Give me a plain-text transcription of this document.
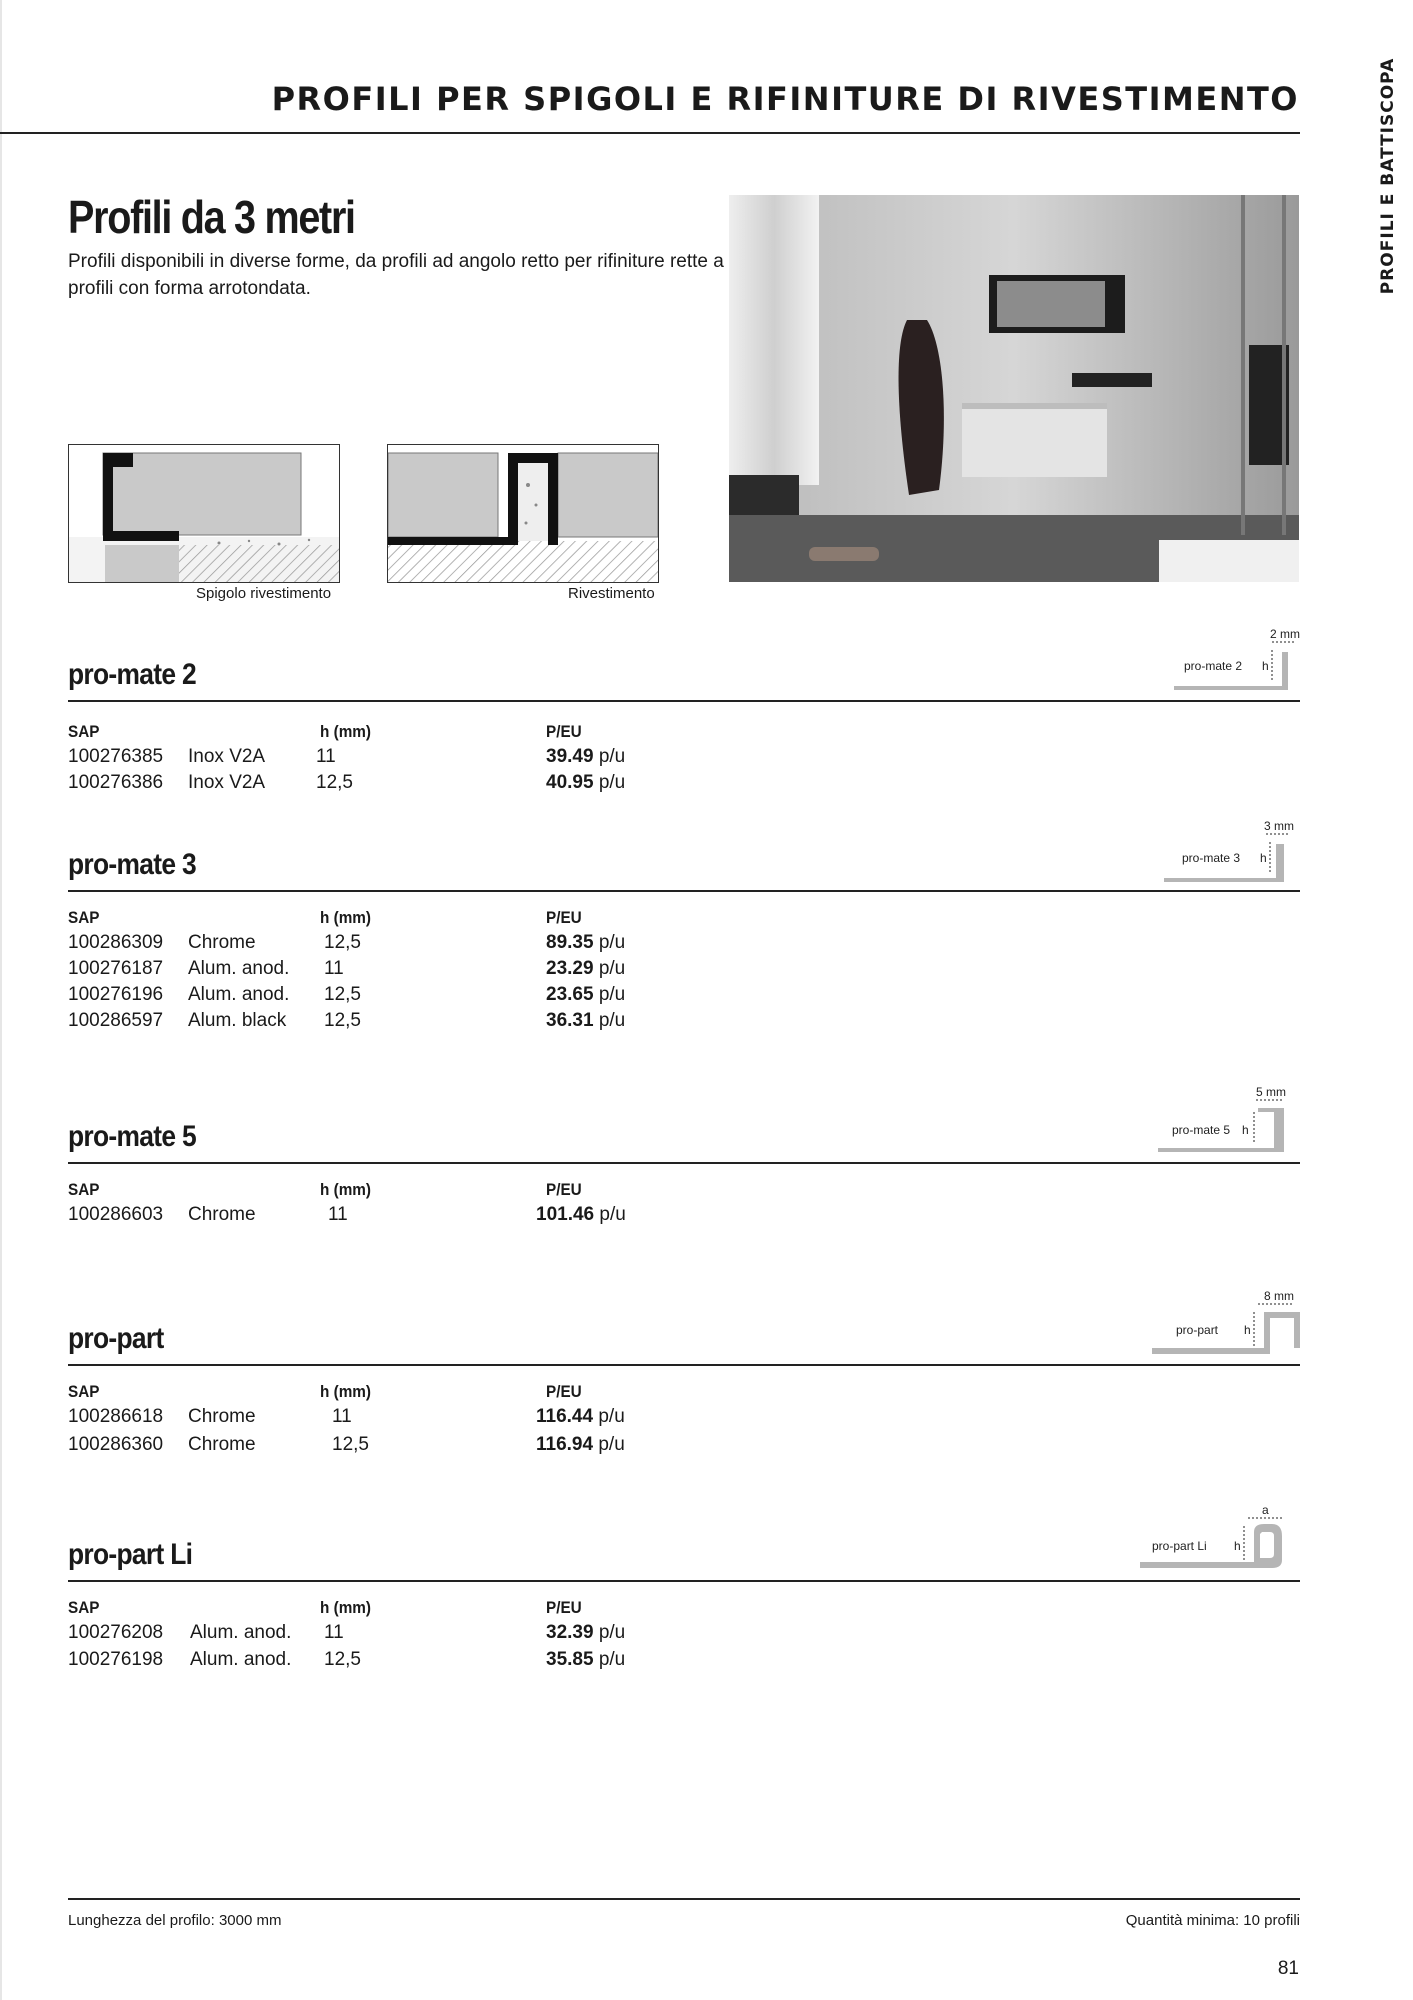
PROFILI PER SPIGOLI E RIFINITURE DI RIVESTIMENTO	PROFILI E BATTISCOPA
Profili da 3 metri
Profili disponibili in diverse forme, da profili ad angolo retto per rifiniture rette a profili con forma arrotondata.
Spigolo rivestimento	Rivestimento
pro-mate 2
2 mm
pro-mate 2 h
SAP	h (mm)	P/EU
100276385 Inox V2A	11	39.49 p/u
100276386 Inox V2A	12,5	40.95 p/u
pro-mate 3
3 mm
pro-mate 3 h
SAP	h (mm)	P/EU
100286309 Chrome	12,5	89.35 p/u
100276187 Alum. anod. 11	23.29 p/u
100276196 Alum. anod. 12,5	23.65 p/u
100286597 Alum. black 12,5	36.31 p/u
pro-mate 5
5 mm
pro-mate 5 h
SAP	h (mm)	P/EU
100286603 Chrome	11	101.46 p/u
pro-part
8 mm
pro-part h
SAP	h (mm)	P/EU
100286618 Chrome	11	116.44 p/u
100286360 Chrome	12,5	116.94 p/u
pro-part Li
a
pro-part Li h
SAP	h (mm)	P/EU
100276208 Alum. anod. 11	32.39 p/u
100276198 Alum. anod. 12,5	35.85 p/u
Lunghezza del profilo: 3000 mm	Quantità minima: 10 profili
81
